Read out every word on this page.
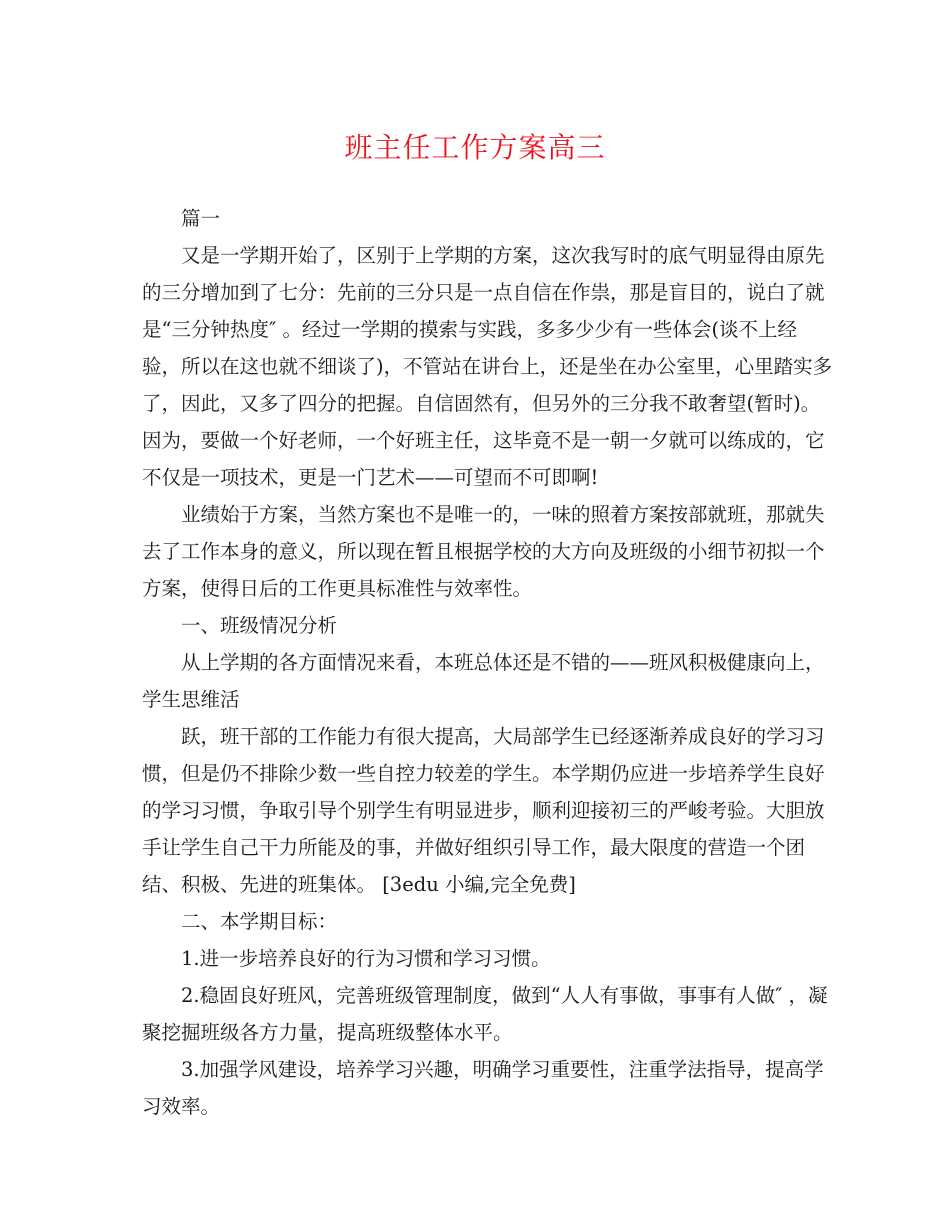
班主任工作方案高三
篇一
又是一学期开始了，区别于上学期的方案，这次我写时的底气明显得由原先
的三分增加到了七分：先前的三分只是一点自信在作祟，那是盲目的，说白了就
是“三分钟热度″ 。经过一学期的摸索与实践，多多少少有一些体会(谈不上经
验，所以在这也就不细谈了)，不管站在讲台上，还是坐在办公室里，心里踏实多
了，因此，又多了四分的把握。自信固然有，但另外的三分我不敢奢望(暂时)。
因为，要做一个好老师，一个好班主任，这毕竟不是一朝一夕就可以练成的，它
不仅是一项技术，更是一门艺术——可望而不可即啊!
业绩始于方案，当然方案也不是唯一的，一味的照着方案按部就班，那就失
去了工作本身的意义，所以现在暂且根据学校的大方向及班级的小细节初拟一个
方案，使得日后的工作更具标准性与效率性。
一、班级情况分析
从上学期的各方面情况来看，本班总体还是不错的——班风积极健康向上，
学生思维活
跃，班干部的工作能力有很大提高，大局部学生已经逐渐养成良好的学习习
惯，但是仍不排除少数一些自控力较差的学生。本学期仍应进一步培养学生良好
的学习习惯，争取引导个别学生有明显进步，顺利迎接初三的严峻考验。大胆放
手让学生自己干力所能及的事，并做好组织引导工作，最大限度的营造一个团
结、积极、先进的班集体。 [3edu 小编,完全免费]
二、本学期目标：
1.进一步培养良好的行为习惯和学习习惯。
2.稳固良好班风，完善班级管理制度，做到“人人有事做，事事有人做″ ，凝
聚挖掘班级各方力量，提高班级整体水平。
3.加强学风建设，培养学习兴趣，明确学习重要性，注重学法指导，提高学
习效率。
